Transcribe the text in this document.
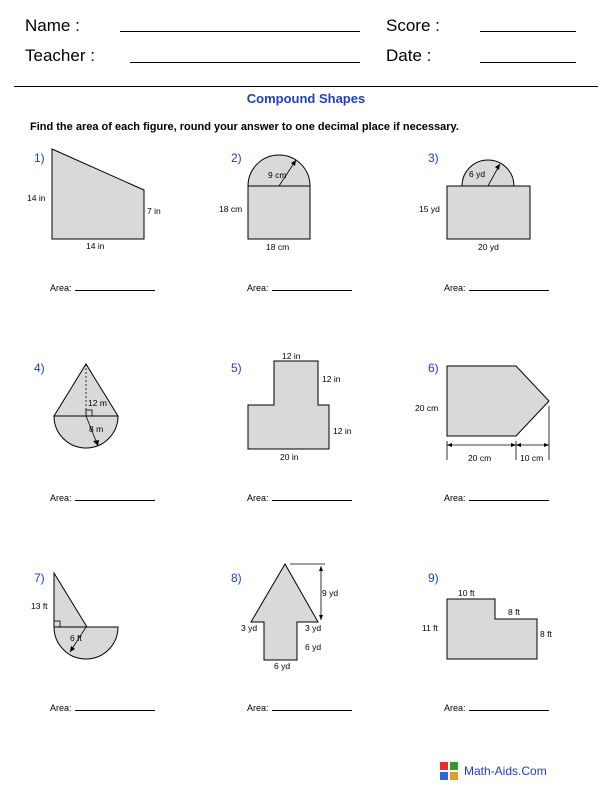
Name :	Score :
Teacher :	Date :
Compound Shapes
Find the area of each figure, round your answer to one decimal place if necessary.
1)	2)	3)
4)	5)	6)
7)	8)	9)
14 in
7 in
14 in
9 cm
18 cm
18 cm
6 yd
15 yd
20 yd
12 m
8 m
12 in
12 in
12 in
20 in
20 cm
20 cm	10 cm
13 ft
6 ft
9 yd
3 yd	3 yd
6 yd
6 yd
10 ft
8 ft
11 ft
8 ft
Area:	Area:	Area:
Area:	Area:	Area:
Area:	Area:	Area:
Math-Aids.Com
